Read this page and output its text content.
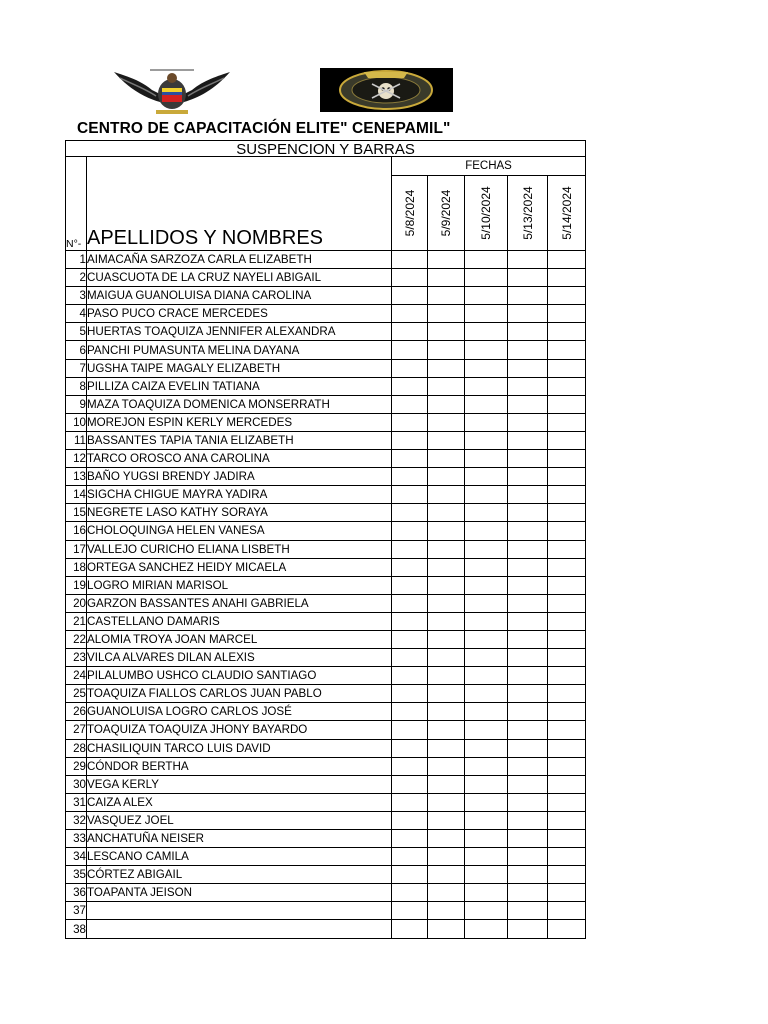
CENTRO DE CAPACITACIÓN ELITE" CENEPAMIL"
SUSPENCION Y BARRAS						
N°-	APELLIDOS Y NOMBRES	FECHAS				

		5/8/2024	5/9/2024	5/10/2024	5/13/2024	5/14/2024

1	AIMACAÑA SARZOZA CARLA ELIZABETH					
2	CUASCUOTA DE LA CRUZ NAYELI ABIGAIL					
3	MAIGUA GUANOLUISA DIANA CAROLINA					
4	PASO PUCO CRACE MERCEDES					
5	HUERTAS TOAQUIZA JENNIFER ALEXANDRA					
6	PANCHI PUMASUNTA MELINA DAYANA					
7	UGSHA TAIPE MAGALY ELIZABETH					
8	PILLIZA CAIZA EVELIN TATIANA					
9	MAZA TOAQUIZA DOMENICA MONSERRATH					
10	MOREJON ESPIN KERLY MERCEDES					
11	BASSANTES TAPIA TANIA ELIZABETH					
12	TARCO OROSCO ANA CAROLINA					
13	BAÑO YUGSI BRENDY JADIRA					
14	SIGCHA CHIGUE MAYRA YADIRA					
15	NEGRETE LASO KATHY SORAYA					
16	CHOLOQUINGA HELEN VANESA					
17	VALLEJO CURICHO ELIANA LISBETH					
18	ORTEGA SANCHEZ HEIDY MICAELA					
19	LOGRO MIRIAN MARISOL					
20	GARZON BASSANTES ANAHI GABRIELA					
21	CASTELLANO DAMARIS					
22	ALOMIA TROYA JOAN MARCEL					
23	VILCA ALVARES DILAN ALEXIS					
24	PILALUMBO USHCO CLAUDIO SANTIAGO					
25	TOAQUIZA FIALLOS CARLOS JUAN PABLO					
26	GUANOLUISA LOGRO CARLOS JOSÉ					
27	TOAQUIZA TOAQUIZA JHONY BAYARDO					
28	CHASILIQUIN TARCO LUIS DAVID					
29	CÓNDOR BERTHA					
30	VEGA KERLY					
31	CAIZA ALEX					
32	VASQUEZ JOEL					
33	ANCHATUÑA NEISER					
34	LESCANO CAMILA					
35	CÓRTEZ ABIGAIL					
36	TOAPANTA JEISON					
37						
38						
